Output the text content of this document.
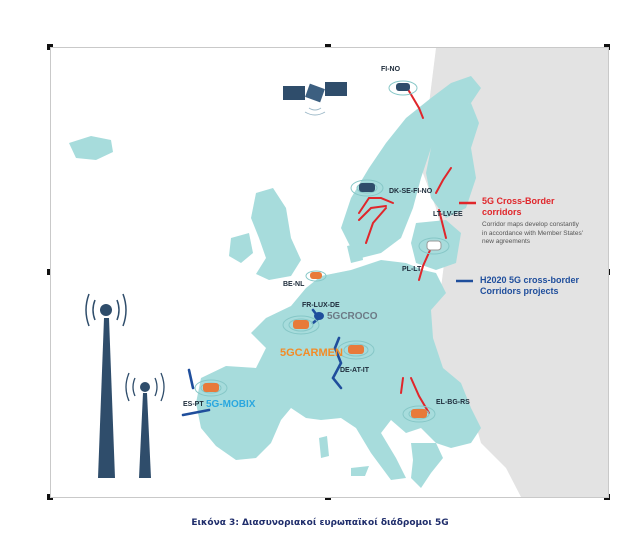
FI-NO
DK-SE-FI-NO
LT-LV-EE
PL-LT
BE-NL
FR-LUX-DE
DE-AT-IT
ES-PT	EL-BG-RS
5GCROCO
5GCARMEN
5G-MOBIX
5G Cross-Border
corridors
Corridor maps develop constantly
in accordance with Member States'
new agreements
H2020 5G cross-border
Corridors projects
Εικόνα 3: Διασυνοριακοί ευρωπαϊκοί διάδρομοι 5G
